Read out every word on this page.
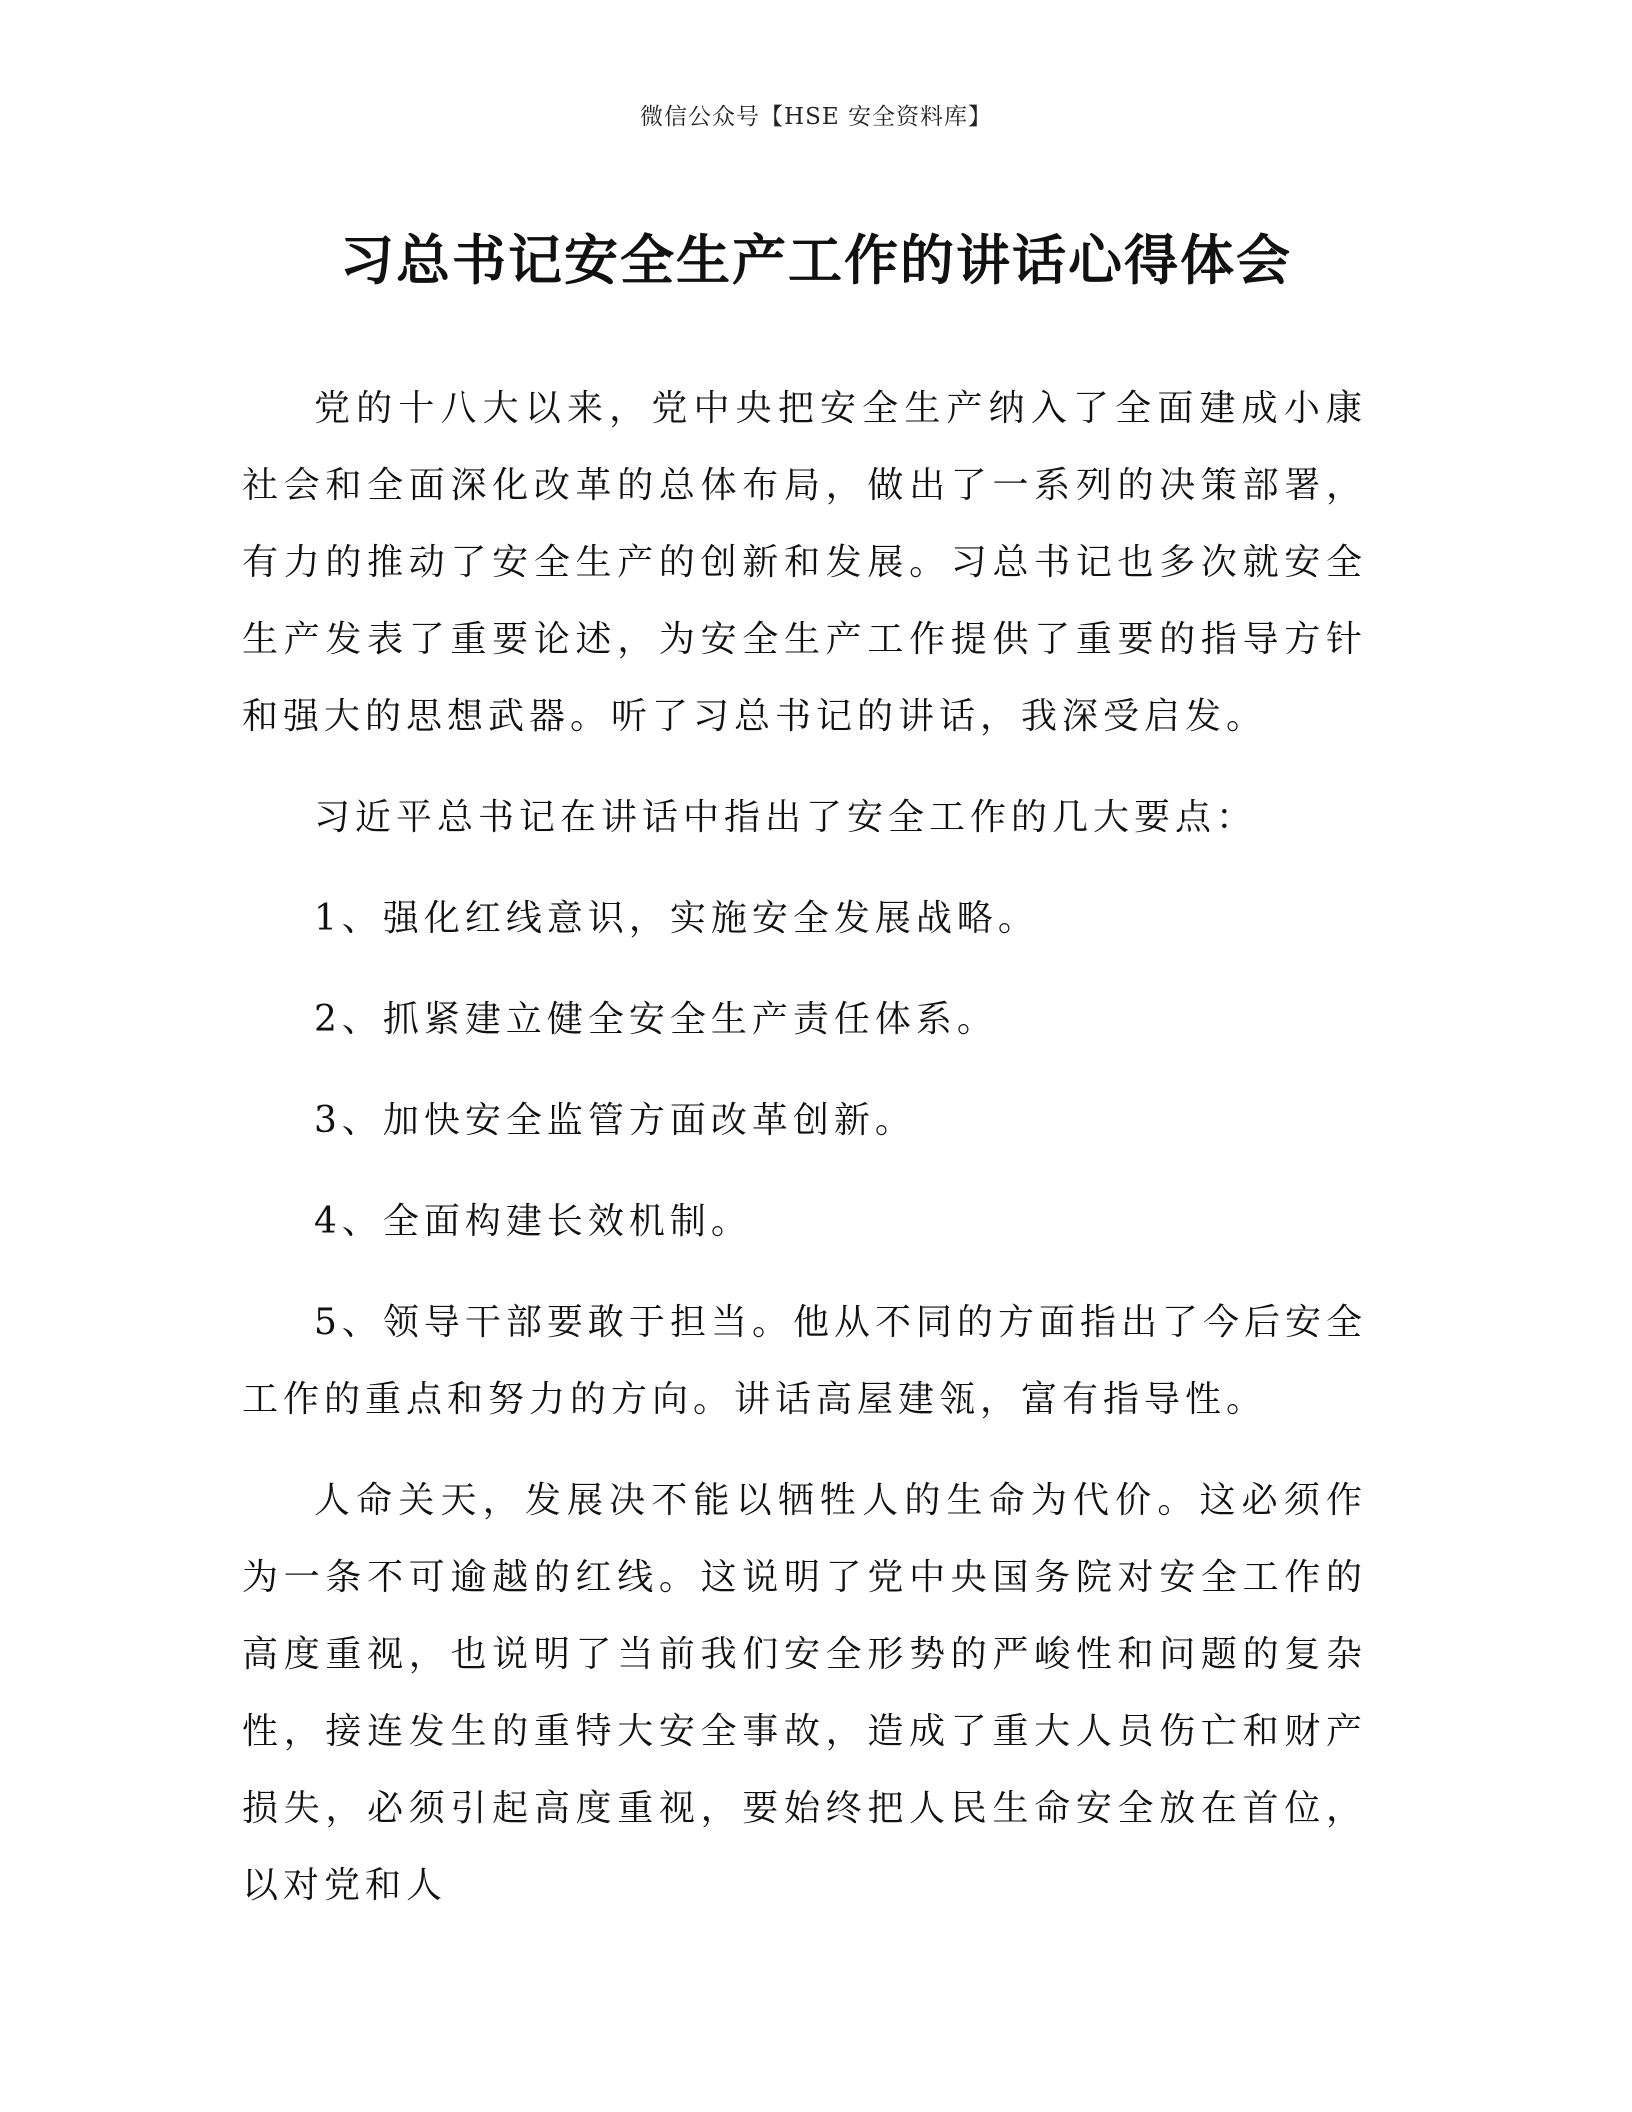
微信公众号【HSE 安全资料库】
习总书记安全生产工作的讲话心得体会

党的十八大以来，党中央把安全生产纳入了全面建成小康社会和全面深化改革的总体布局，做出了一系列的决策部署，有力的推动了安全生产的创新和发展。习总书记也多次就安全生产发表了重要论述，为安全生产工作提供了重要的指导方针和强大的思想武器。听了习总书记的讲话，我深受启发。

习近平总书记在讲话中指出了安全工作的几大要点：

1、强化红线意识，实施安全发展战略。

2、抓紧建立健全安全生产责任体系。

3、加快安全监管方面改革创新。

4、全面构建长效机制。

5、领导干部要敢于担当。他从不同的方面指出了今后安全工作的重点和努力的方向。讲话高屋建瓴，富有指导性。

人命关天，发展决不能以牺牲人的生命为代价。这必须作为一条不可逾越的红线。这说明了党中央国务院对安全工作的高度重视，也说明了当前我们安全形势的严峻性和问题的复杂性，接连发生的重特大安全事故，造成了重大人员伤亡和财产损失，必须引起高度重视，要始终把人民生命安全放在首位，以对党和人
